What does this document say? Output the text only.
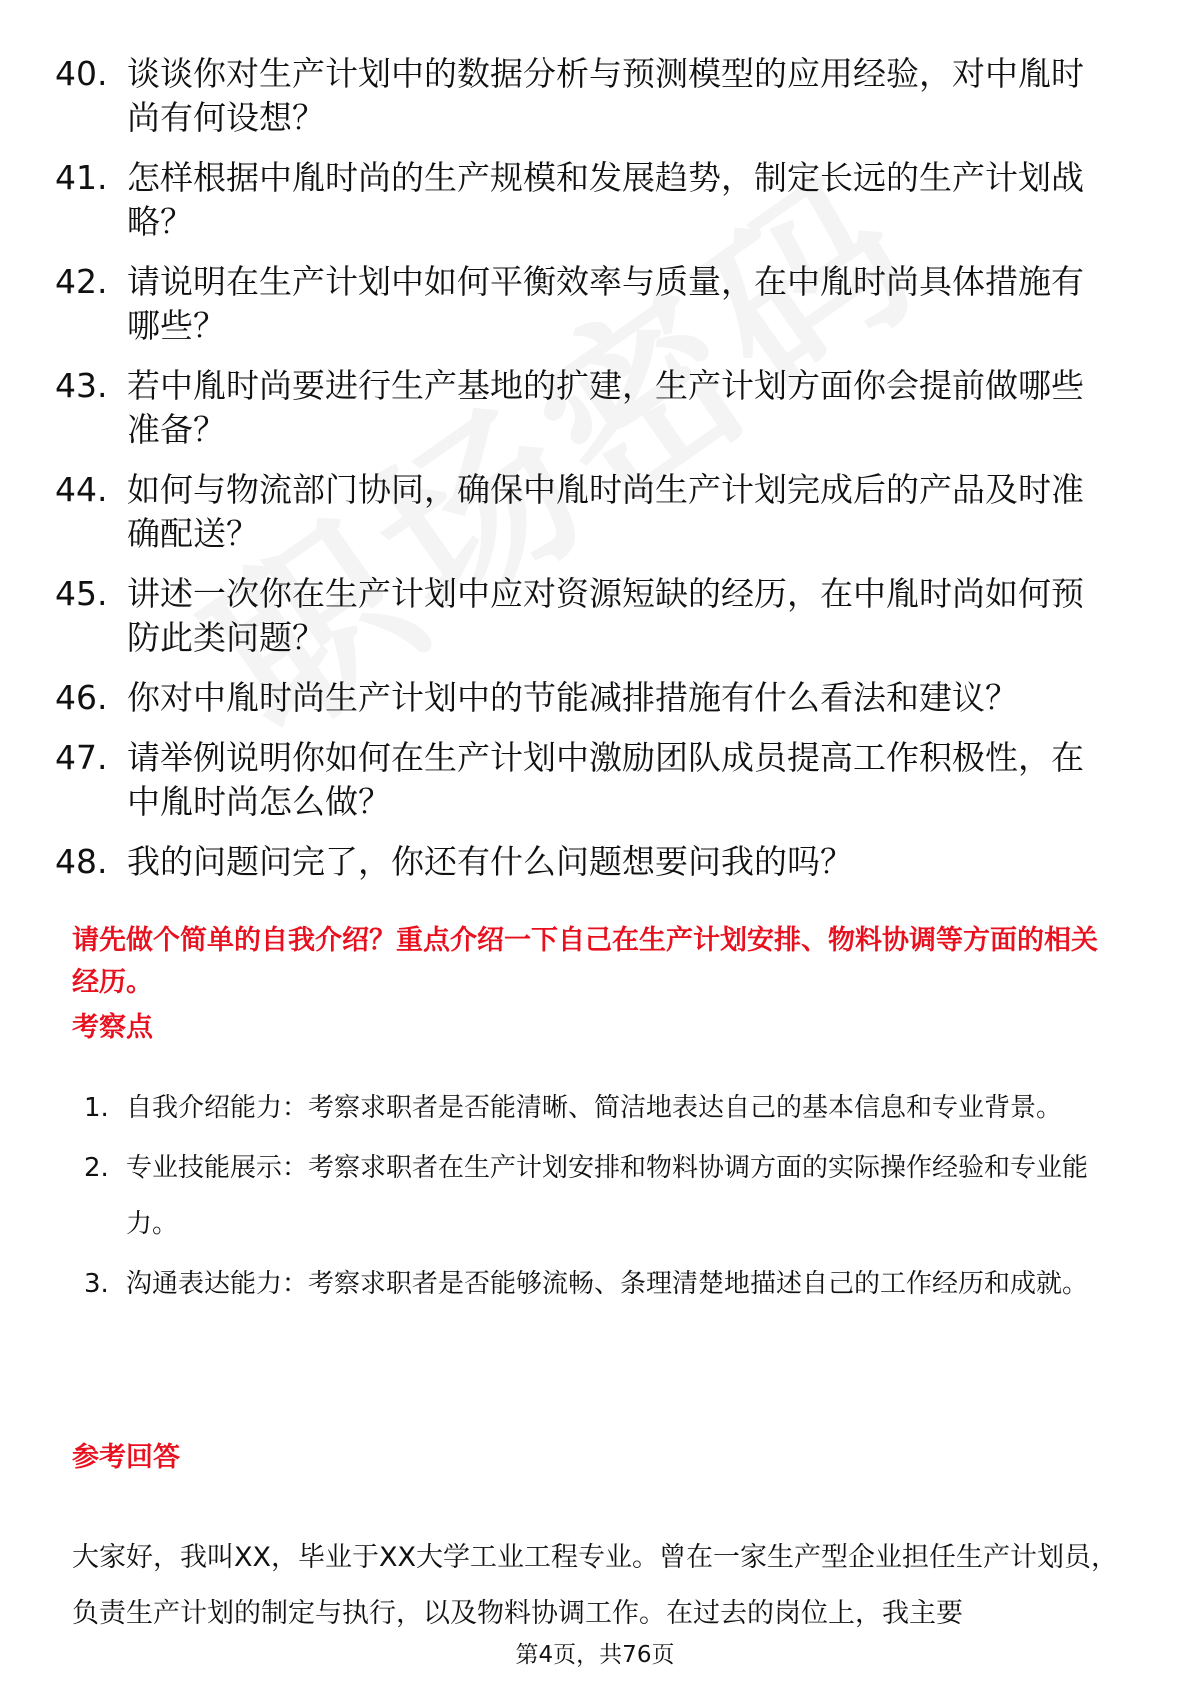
40. 谈谈你对生产计划中的数据分析与预测模型的应用经验，对中胤时尚有何设想？
41. 怎样根据中胤时尚的生产规模和发展趋势，制定长远的生产计划战略？
42. 请说明在生产计划中如何平衡效率与质量，在中胤时尚具体措施有哪些？
43. 若中胤时尚要进行生产基地的扩建，生产计划方面你会提前做哪些准备？
44. 如何与物流部门协同，确保中胤时尚生产计划完成后的产品及时准确配送？
45. 讲述一次你在生产计划中应对资源短缺的经历，在中胤时尚如何预防此类问题？
46. 你对中胤时尚生产计划中的节能减排措施有什么看法和建议？
47. 请举例说明你如何在生产计划中激励团队成员提高工作积极性，在中胤时尚怎么做？
48. 我的问题问完了，你还有什么问题想要问我的吗？
请先做个简单的自我介绍？重点介绍一下自己在生产计划安排、物料协调等方面的相关经历。
考察点
1. 自我介绍能力：考察求职者是否能清晰、简洁地表达自己的基本信息和专业背景。
2. 专业技能展示：考察求职者在生产计划安排和物料协调方面的实际操作经验和专业能力。
3. 沟通表达能力：考察求职者是否能够流畅、条理清楚地描述自己的工作经历和成就。
参考回答
大家好，我叫XX，毕业于XX大学工业工程专业。曾在一家生产型企业担任生产计划员，负责生产计划的制定与执行，以及物料协调工作。在过去的岗位上，我主要
第4页，共76页
